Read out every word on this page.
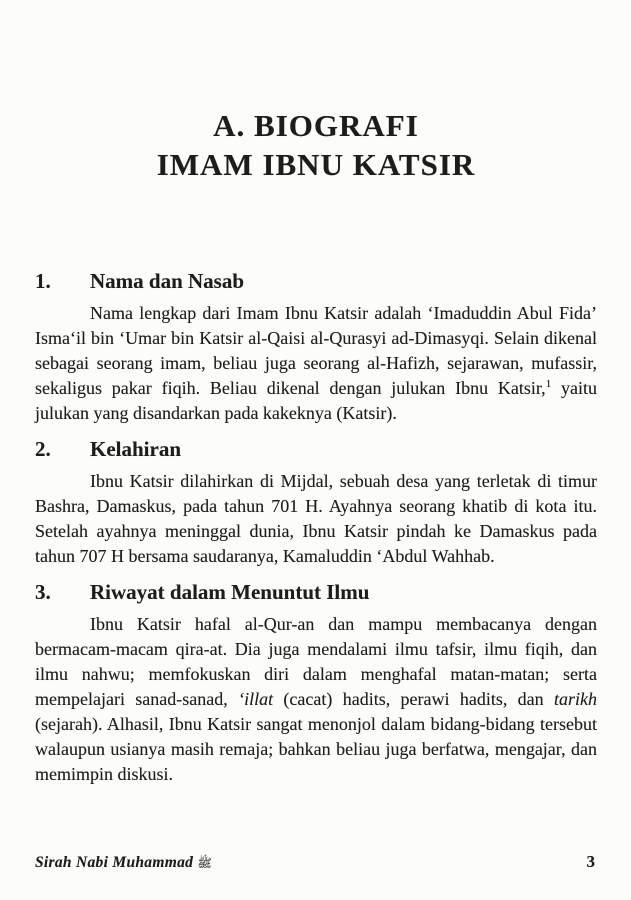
A. BIOGRAFI
IMAM IBNU KATSIR
1.	Nama dan Nasab

Nama lengkap dari Imam Ibnu Katsir adalah ‘Imaduddin Abul Fida’ Isma‘il bin ‘Umar bin Katsir al-Qaisi al-Qurasyi ad-Dimasyqi. Selain dikenal sebagai seorang imam, beliau juga seorang al-Hafizh, sejarawan, mufassir, sekaligus pakar fiqih. Beliau dikenal dengan julukan Ibnu Katsir,$^1$ yaitu julukan yang disandarkan pada kakeknya (Katsir).

2.	Kelahiran

Ibnu Katsir dilahirkan di Mijdal, sebuah desa yang terletak di timur Bashra, Damaskus, pada tahun 701 H. Ayahnya seorang khatib di kota itu. Setelah ayahnya meninggal dunia, Ibnu Katsir pindah ke Damaskus pada tahun 707 H bersama saudaranya, Kamaluddin ‘Abdul Wahhab.

3.	Riwayat dalam Menuntut Ilmu

Ibnu Katsir hafal al-Qur-an dan mampu membacanya dengan bermacam-macam qira-at. Dia juga mendalami ilmu tafsir, ilmu fiqih, dan ilmu nahwu; memfokuskan diri dalam menghafal matan-matan; serta mempelajari sanad-sanad, ‘illat (cacat) hadits, perawi hadits, dan tarikh (sejarah). Alhasil, Ibnu Katsir sangat menonjol dalam bidang-bidang tersebut walaupun usianya masih remaja; bahkan beliau juga berfatwa, mengajar, dan memimpin diskusi.

Sirah Nabi Muhammad ﷺ	3
